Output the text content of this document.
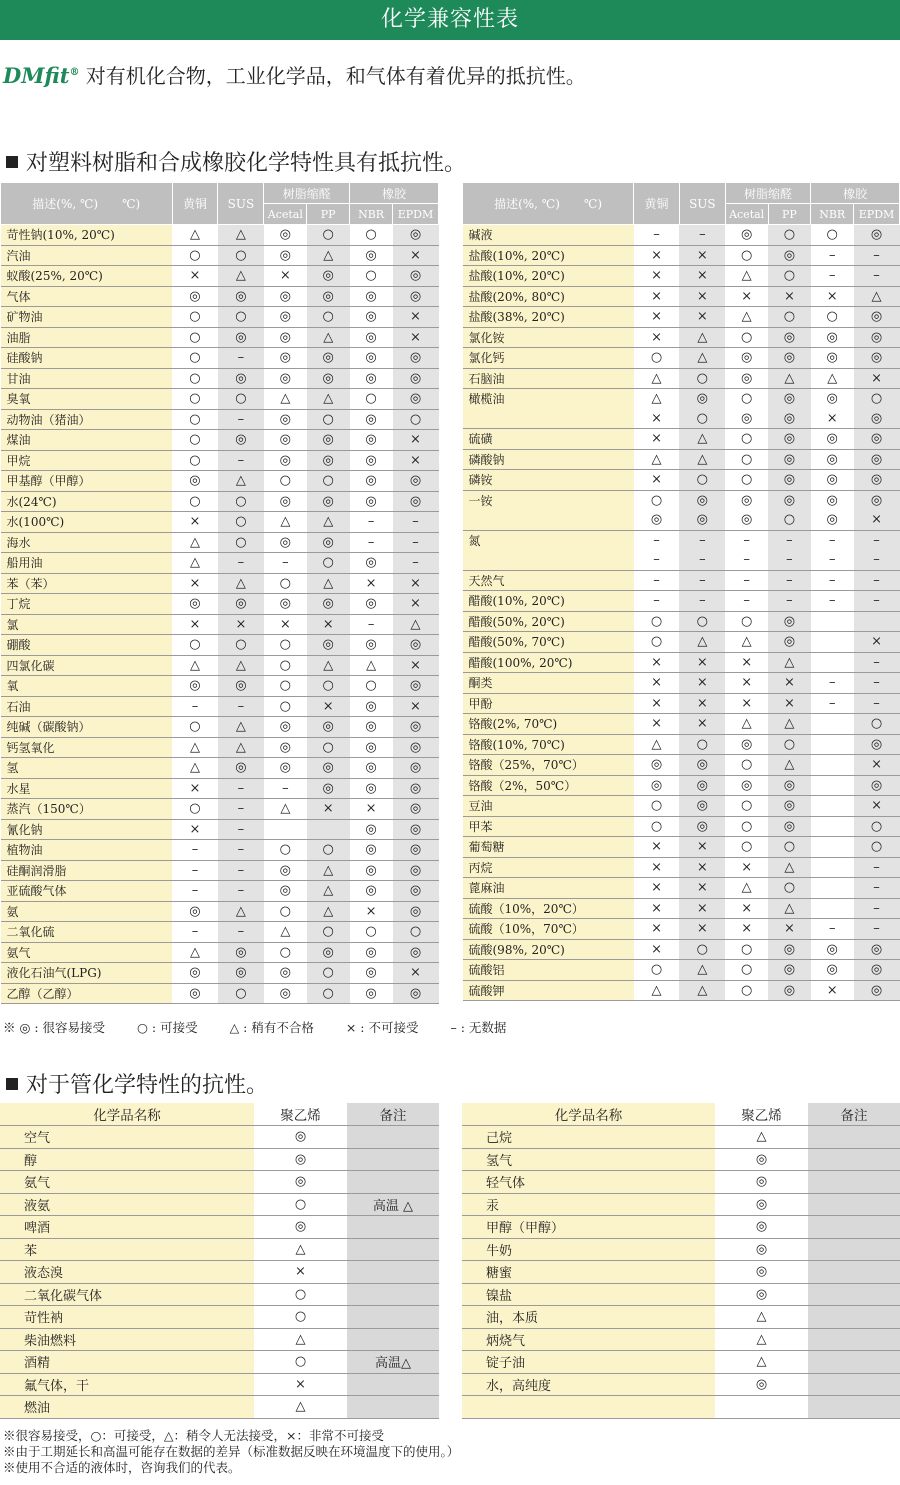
化学兼容性表
DMfit® 对有机化合物，工业化学品，和气体有着优异的抵抗性。
对塑料树脂和合成橡胶化学特性具有抵抗性。
描述(%, ℃)　　℃)	黄铜	SUS	树脂缩醛		橡胶	
			Acetal	PP	NBR	EPDM
苛性钠(10%, 20℃)	△	△	◎	○	○	◎
汽油	○	○	◎	△	◎	×
蚁酸(25%, 20℃)	×	△	×	◎	○	◎
气体	◎	◎	◎	◎	◎	◎
矿物油	○	○	◎	○	◎	×
油脂	○	◎	◎	△	◎	×
硅酸钠	○	–	◎	◎	◎	◎
甘油	○	◎	◎	◎	◎	◎
臭氧	○	○	△	△	○	◎
动物油（猪油）	○	–	◎	○	◎	○
煤油	○	◎	◎	◎	◎	×
甲烷	○	–	◎	◎	◎	×
甲基醇（甲醇）	◎	△	○	○	◎	◎
水(24℃)	○	○	◎	◎	◎	◎
水(100℃)	×	○	△	△	–	–
海水	△	○	◎	◎	–	–
船用油	△	–	–	○	◎	–
苯（苯）	×	△	○	△	×	×
丁烷	◎	◎	◎	◎	◎	×
氯	×	×	×	×	–	△
硼酸	○	○	○	◎	◎	◎
四氯化碳	△	△	○	△	△	×
氧	◎	◎	○	○	○	◎
石油	–	–	○	×	◎	×
纯碱（碳酸钠）	○	△	◎	◎	◎	◎
钙氢氧化	△	△	◎	○	◎	◎
氢	△	◎	◎	◎	◎	◎
水星	×	–	–	◎	◎	◎
蒸汽（150℃）	○	–	△	×	×	◎
氰化钠	×	–			◎	◎
植物油	–	–	○	○	◎	◎
硅酮润滑脂	–	–	◎	△	◎	◎
亚硫酸气体	–	–	◎	△	◎	◎
氨	◎	△	○	△	×	◎
二氧化硫	–	–	△	○	○	○
氨气	△	◎	○	◎	◎	◎
液化石油气(LPG)	◎	◎	◎	○	◎	×
乙醇（乙醇）	◎	○	◎	○	◎	◎
描述(%, ℃)　　℃)	黄铜	SUS	树脂缩醛		橡胶	
			Acetal	PP	NBR	EPDM
碱液	–	–	◎	○	○	◎
盐酸(10%, 20℃)	×	×	○	◎	–	–
盐酸(10%, 20℃)	×	×	△	○	–	–
盐酸(20%, 80℃)	×	×	×	×	×	△
盐酸(38%, 20℃)	×	×	△	○	○	◎
氯化铵	×	△	○	◎	◎	◎
氯化钙	○	△	◎	◎	◎	◎
石脑油	△	○	◎	△	△	×
橄榄油	△	◎	○	◎	◎	○
	×	○	◎	◎	×	◎
硫磺	×	△	○	◎	◎	◎
磷酸钠	△	△	○	◎	◎	◎
磷铵	×	○	○	◎	◎	◎
一铵	○	◎	◎	◎	◎	◎
	◎	◎	◎	○	◎	×
氮	–	–	–	–	–	–
	–	–	–	–	–	–
天然气	–	–	–	–	–	–
醋酸(10%, 20℃)	–	–	–	–	–	–
醋酸(50%, 20℃)	○	○	○	◎		
醋酸(50%, 70℃)	○	△	△	◎		×
醋酸(100%, 20℃)	×	×	×	△		–
酮类	×	×	×	×	–	–
甲酚	×	×	×	×	–	–
铬酸(2%, 70℃)	×	×	△	△		○
铬酸(10%, 70℃)	△	○	◎	○		◎
铬酸（25%，70℃）	◎	◎	○	△		×
铬酸（2%，50℃）	◎	◎	◎	◎		◎
豆油	○	◎	○	◎		×
甲苯	○	◎	○	◎		○
葡萄糖	×	×	○	○		○
丙烷	×	×	×	△		–
蓖麻油	×	×	△	○		–
硫酸（10%，20℃）	×	×	×	△		–
硫酸（10%，70℃）	×	×	×	×	–	–
硫酸(98%, 20℃)	×	○	○	◎	◎	◎
硫酸铝	○	△	○	◎	◎	◎
硫酸钾	△	△	○	◎	×	◎
※ ◎ : 很容易接受	○ : 可接受	△ : 稍有不合格	× : 不可接受	– : 无数据
对于管化学特性的抗性。
化学品名称	聚乙烯	备注
空气	◎	
醇	◎	
氨气	◎	
液氨	○	高温 △
啤酒	◎	
苯	△	
液态溴	×	
二氧化碳气体	○	
苛性衲	○	
柴油燃料	△	
酒精	○	高温△
氟气体，干	×	
燃油	△	
化学品名称	聚乙烯	备注
己烷	△	
氢气	◎	
轻气体	◎	
汞	◎	
甲醇（甲醇）	◎	
牛奶	◎	
糖蜜	◎	
镍盐	◎	
油，本质	△	
炳烧气	△	
锭子油	△	
水，高纯度	◎	

※很容易接受，○：可接受，△：稍令人无法接受，×：非常不可接受
※由于工期延长和高温可能存在数据的差异（标准数据反映在环境温度下的使用。）
※使用不合适的液体时，咨询我们的代表。
